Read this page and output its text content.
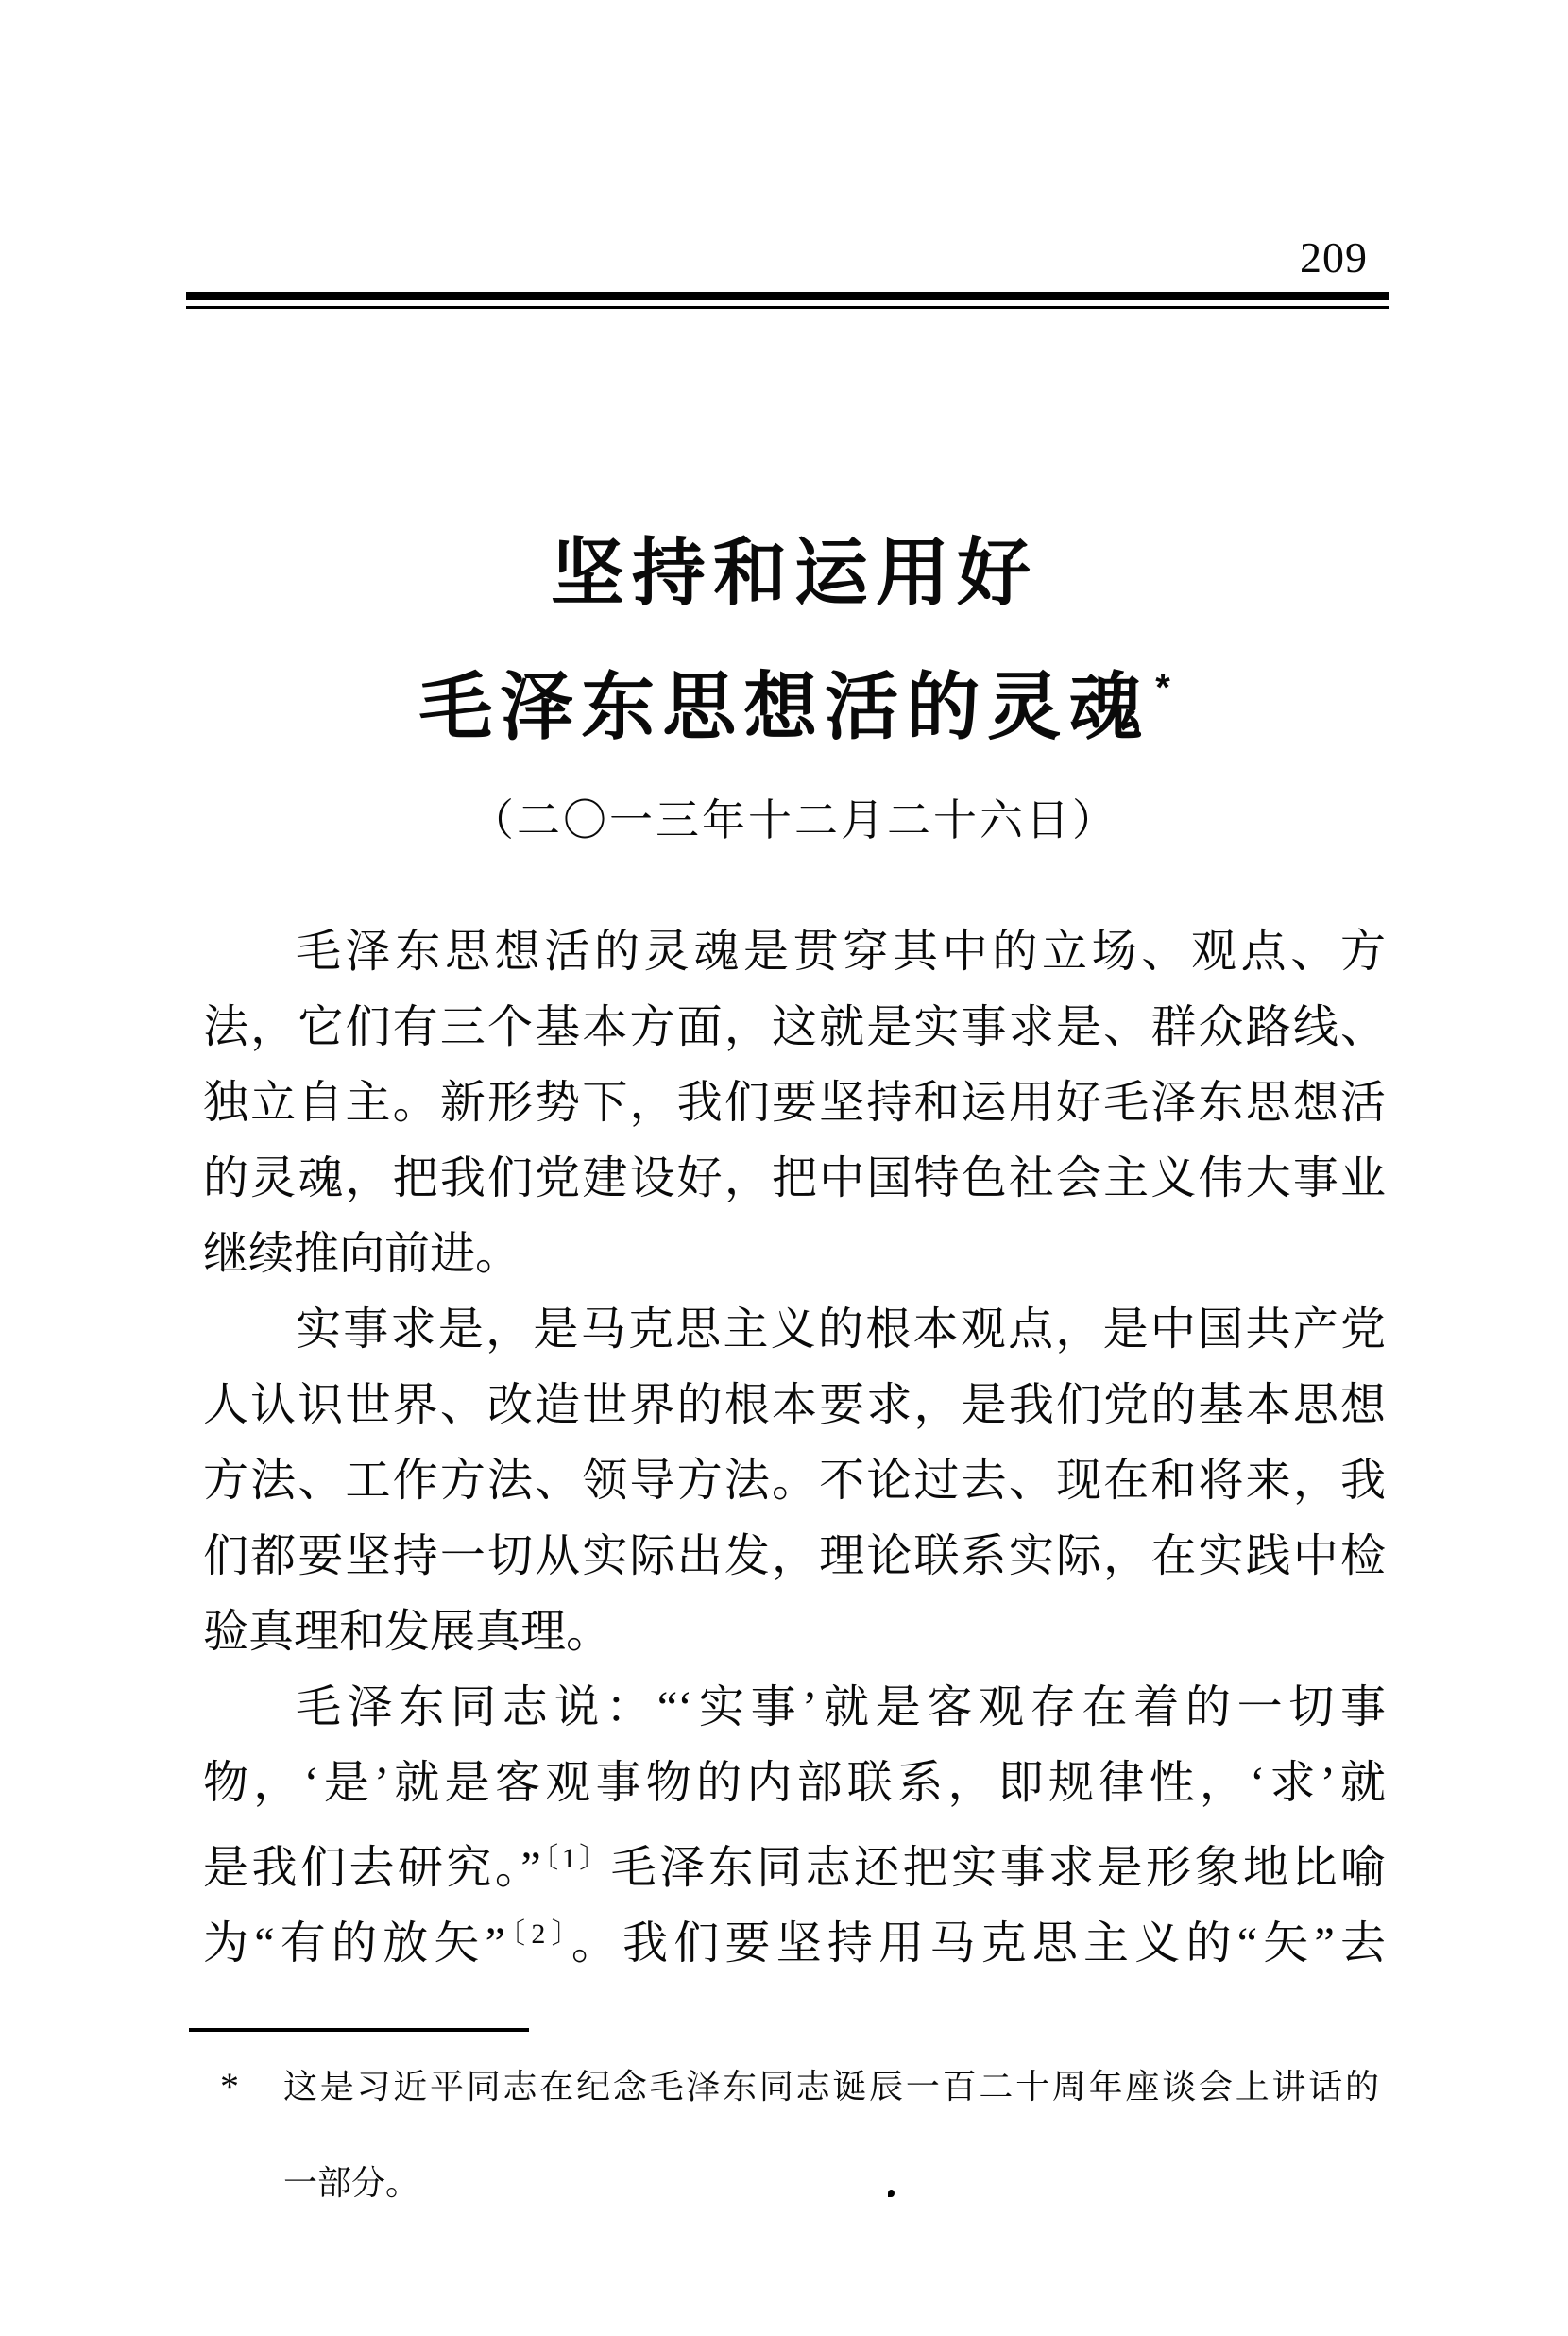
209
坚持和运用好
毛泽东思想活的灵魂 *
（二〇一三年十二月二十六日）
毛泽东思想活的灵魂是贯穿其中的立场、观点、方
法，它们有三个基本方面，这就是实事求是、群众路线、
独立自主。新形势下，我们要坚持和运用好毛泽东思想活
的灵魂，把我们党建设好，把中国特色社会主义伟大事业
继续推向前进。
实事求是，是马克思主义的根本观点，是中国共产党
人认识世界、改造世界的根本要求，是我们党的基本思想
方法、工作方法、领导方法。不论过去、现在和将来，我
们都要坚持一切从实际出发，理论联系实际，在实践中检
验真理和发展真理。
毛泽东同志说：“‘实事’就是客观存在着的一切事
物，‘是’就是客观事物的内部联系，即规律性，‘求’就
是我们去研究。”$^{〔1〕}$毛泽东同志还把实事求是形象地比喻
为“有的放矢”$^{〔2〕}$。我们要坚持用马克思主义的“矢”去
*	这是习近平同志在纪念毛泽东同志诞辰一百二十周年座谈会上讲话的
一部分。
